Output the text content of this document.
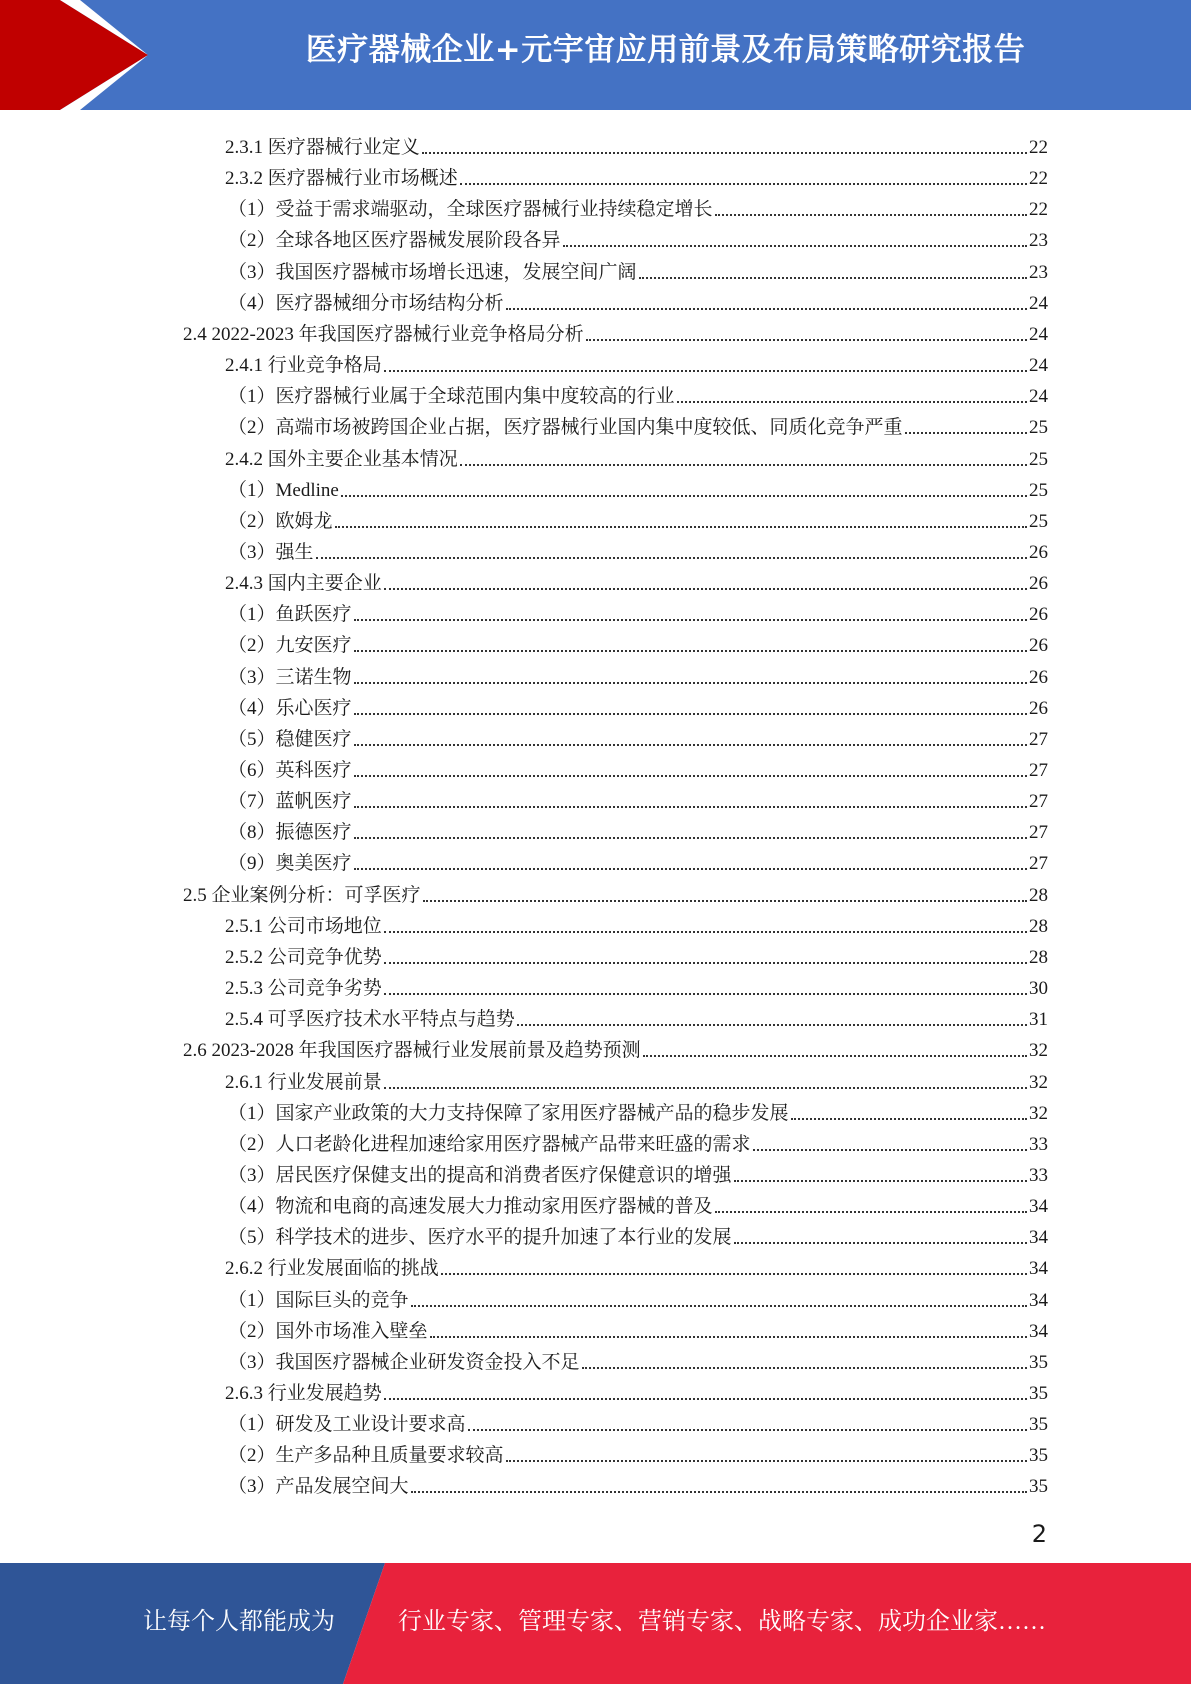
医疗器械企业+元宇宙应用前景及布局策略研究报告
2.3.1 医疗器械行业定义	22
2.3.2 医疗器械行业市场概述	22
（1）受益于需求端驱动，全球医疗器械行业持续稳定增长	22
（2）全球各地区医疗器械发展阶段各异	23
（3）我国医疗器械市场增长迅速，发展空间广阔	23
（4）医疗器械细分市场结构分析	24
2.4 2022-2023 年我国医疗器械行业竞争格局分析	24
2.4.1 行业竞争格局	24
（1）医疗器械行业属于全球范围内集中度较高的行业	24
（2）高端市场被跨国企业占据，医疗器械行业国内集中度较低、同质化竞争严重	25
2.4.2 国外主要企业基本情况	25
（1）Medline	25
（2）欧姆龙	25
（3）强生	26
2.4.3 国内主要企业	26
（1）鱼跃医疗	26
（2）九安医疗	26
（3）三诺生物	26
（4）乐心医疗	26
（5）稳健医疗	27
（6）英科医疗	27
（7）蓝帆医疗	27
（8）振德医疗	27
（9）奥美医疗	27
2.5 企业案例分析：可孚医疗	28
2.5.1 公司市场地位	28
2.5.2 公司竞争优势	28
2.5.3 公司竞争劣势	30
2.5.4 可孚医疗技术水平特点与趋势	31
2.6 2023-2028 年我国医疗器械行业发展前景及趋势预测	32
2.6.1 行业发展前景	32
（1）国家产业政策的大力支持保障了家用医疗器械产品的稳步发展	32
（2）人口老龄化进程加速给家用医疗器械产品带来旺盛的需求	33
（3）居民医疗保健支出的提高和消费者医疗保健意识的增强	33
（4）物流和电商的高速发展大力推动家用医疗器械的普及	34
（5）科学技术的进步、医疗水平的提升加速了本行业的发展	34
2.6.2 行业发展面临的挑战	34
（1）国际巨头的竞争	34
（2）国外市场准入壁垒	34
（3）我国医疗器械企业研发资金投入不足	35
2.6.3 行业发展趋势	35
（1）研发及工业设计要求高	35
（2）生产多品种且质量要求较高	35
（3）产品发展空间大	35
2
让每个人都能成为	行业专家、管理专家、营销专家、战略专家、成功企业家……
